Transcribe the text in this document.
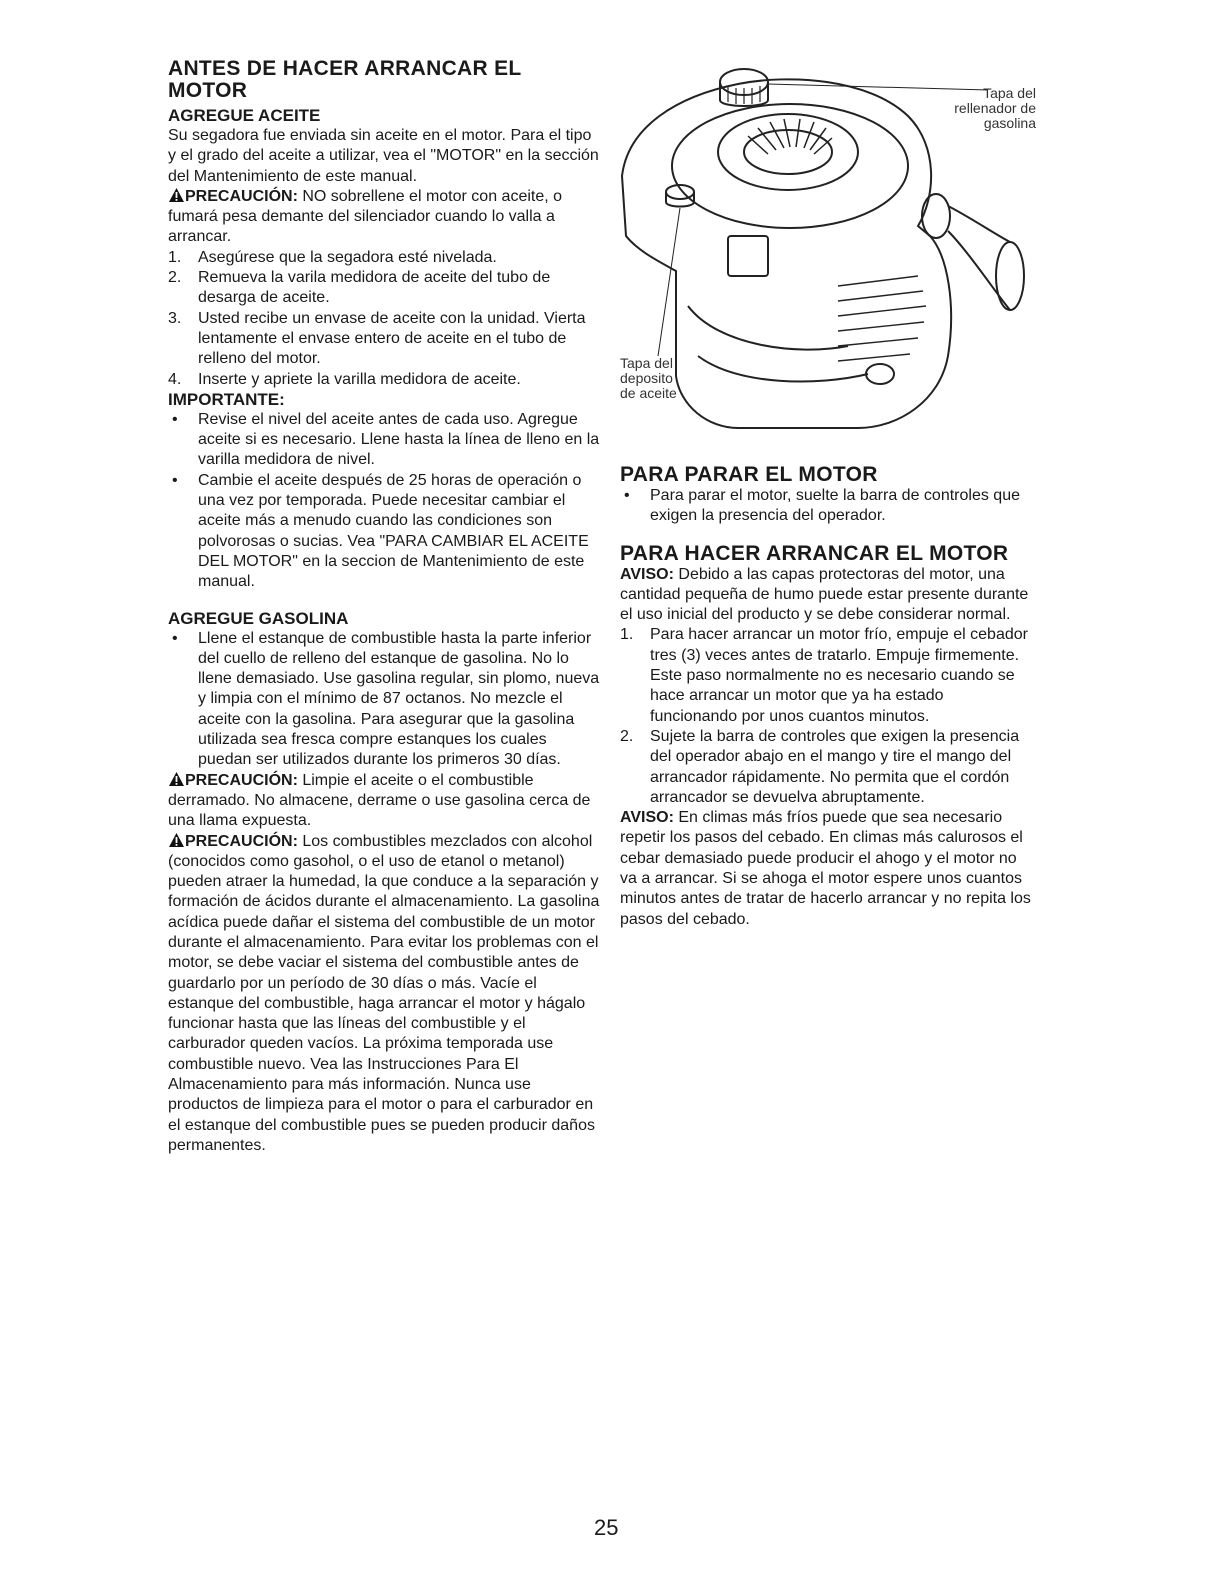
ANTES DE HACER ARRANCAR EL MOTOR
AGREGUE ACEITE

Su segadora fue enviada sin aceite en el motor. Para el tipo y el grado del aceite a utilizar, vea el "MOTOR" en la sección del Mantenimiento de este manual.

PRECAUCIÓN: NO sobrellene el motor con aceite, o fumará pesa demante del silenciador cuando lo valla a arrancar.

1. Asegúrese que la segadora esté nivelada.
2. Remueva la varila medidora de aceite del tubo de desarga de aceite.
3. Usted recibe un envase de aceite con la unidad. Vierta lentamente el envase entero de aceite en el tubo de relleno del motor.
4. Inserte y apriete la varilla medidora de aceite.
IMPORTANTE:
• Revise el nivel del aceite antes de cada uso. Agregue aceite si es necesario. Llene hasta la línea de lleno en la varilla medidora de nivel.
• Cambie el aceite después de 25 horas de operación o una vez por temporada. Puede necesitar cambiar el aceite más a menudo cuando las condiciones son polvorosas o sucias. Vea "PARA CAMBIAR EL ACEITE DEL MOTOR" en la seccion de Mantenimiento de este manual.
AGREGUE GASOLINA
• Llene el estanque de combustible hasta la parte inferior del cuello de relleno del estanque de gasolina. No lo llene demasiado. Use gasolina regular, sin plomo, nueva y limpia con el mínimo de 87 octanos. No mezcle el aceite con la gasolina. Para asegurar que la gasolina utilizada sea fresca compre estanques los cuales puedan ser utilizados durante los primeros 30 días.

PRECAUCIÓN: Limpie el aceite o el combustible derramado. No almacene, derrame o use gasolina cerca de una llama expuesta.

PRECAUCIÓN: Los combustibles mezclados con alcohol (conocidos como gasohol, o el uso de etanol o metanol) pueden atraer la humedad, la que conduce a la separación y formación de ácidos durante el almacenamiento. La gasolina acídica puede dañar el sistema del combustible de un motor durante el almacenamiento. Para evitar los problemas con el motor, se debe vaciar el sistema del combustible antes de guardarlo por un período de 30 días o más. Vacíe el estanque del combustible, haga arrancar el motor y hágalo funcionar hasta que las líneas del combustible y el carburador queden vacíos. La próxima temporada use combustible nuevo. Vea las Instrucciones Para El Almacenamiento para más información. Nunca use productos de limpieza para el motor o para el carburador en el estanque del combustible pues se pueden producir daños permanentes.

Tapa del rellenador de gasolina
Tapa del deposito de aceite
PARA PARAR EL MOTOR
• Para parar el motor, suelte la barra de controles que exigen la presencia del operador.
PARA HACER ARRANCAR EL MOTOR

AVISO: Debido a las capas protectoras del motor, una cantidad pequeña de humo puede estar presente durante el uso inicial del producto y se debe considerar normal.

1. Para hacer arrancar un motor frío, empuje el cebador tres (3) veces antes de tratarlo. Empuje firmemente. Este paso normalmente no es necesario cuando se hace arrancar un motor que ya ha estado funcionando por unos cuantos minutos.
2. Sujete la barra de controles que exigen la presencia del operador abajo en el mango y tire el mango del arrancador rápidamente. No permita que el cordón arrancador se devuelva abruptamente.

AVISO: En climas más fríos puede que sea necesario repetir los pasos del cebado. En climas más calurosos el cebar demasiado puede producir el ahogo y el motor no va a arrancar. Si se ahoga el motor espere unos cuantos minutos antes de tratar de hacerlo arrancar y no repita los pasos del cebado.

25
